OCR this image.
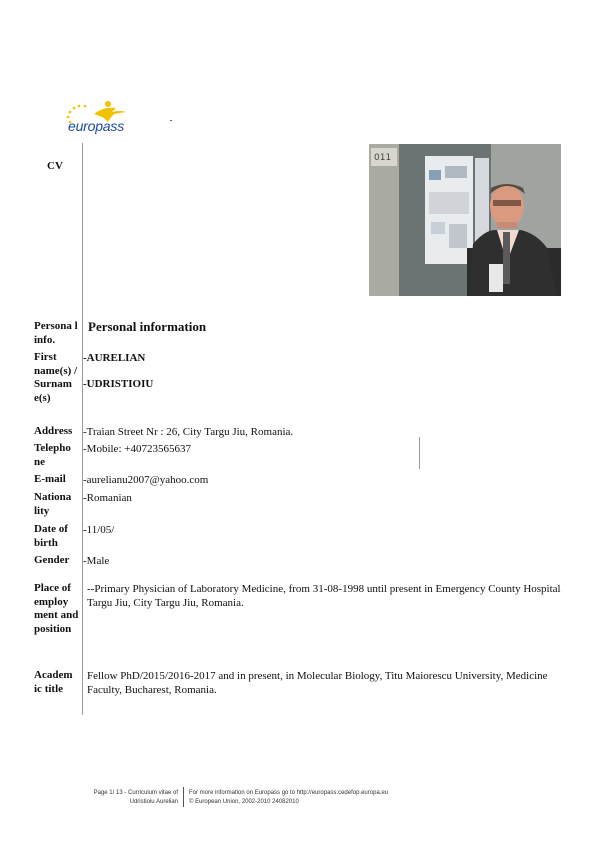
europass
CV
011
Persona l info.
Personal information
First name(s) / Surnam e(s)
-AURELIAN
-UDRISTIOIU
Address -Traian Street Nr : 26, City Targu Jiu, Romania.
Telepho ne
-Mobile: +40723565637
E-mail	-aurelianu2007@yahoo.com
Nationa lity
-Romanian
Date of birth
-11/05/
Gender	-Male
Place of employ ment and position
--Primary Physician of Laboratory Medicine, from 31-08-1998 until present in Emergency County Hospital Targu Jiu, City Targu Jiu, Romania.
Academ ic title
Fellow PhD/2015/2016-2017 and in present, in Molecular Biology, Titu Maiorescu University, Medicine Faculty, Bucharest, Romania.
Page 1/ 13 - Curriculum vitae of
Udristioiu Aurelian
For more information on Europass go to http://europass.cedefop.europa.eu
© European Union, 2002-2010 24082010
